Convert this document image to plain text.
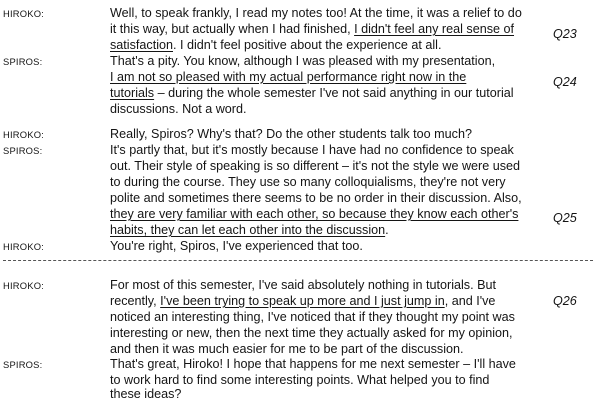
HIROKO:	Well, to speak frankly, I read my notes too! At the time, it was a relief to do
it this way, but actually when I had finished, I didn't feel any real sense of	Q23
satisfaction. I didn't feel positive about the experience at all.
SPIROS:	That's a pity. You know, although I was pleased with my presentation,
I am not so pleased with my actual performance right now in the	Q24
tutorials – during the whole semester I've not said anything in our tutorial
discussions. Not a word.
HIROKO:	Really, Spiros? Why's that? Do the other students talk too much?
SPIROS:	It's partly that, but it's mostly because I have had no confidence to speak
out. Their style of speaking is so different – it's not the style we were used
to during the course. They use so many colloquialisms, they're not very
polite and sometimes there seems to be no order in their discussion. Also,
they are very familiar with each other, so because they know each other's	Q25
habits, they can let each other into the discussion.
HIROKO:	You're right, Spiros, I've experienced that too.
HIROKO:	For most of this semester, I've said absolutely nothing in tutorials. But
recently, I've been trying to speak up more and I just jump in, and I've	Q26
noticed an interesting thing, I've noticed that if they thought my point was
interesting or new, then the next time they actually asked for my opinion,
and then it was much easier for me to be part of the discussion.
SPIROS:	That's great, Hiroko! I hope that happens for me next semester – I'll have
to work hard to find some interesting points. What helped you to find
these ideas?
